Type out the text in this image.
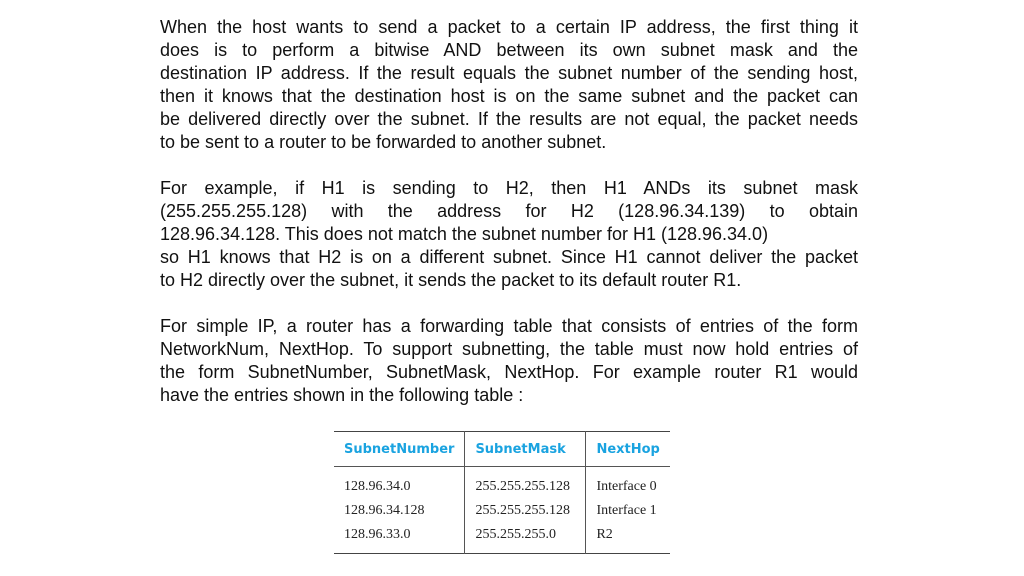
When the host wants to send a packet to a certain IP address, the first thing it
does is to perform a bitwise AND between its own subnet mask and the
destination IP address. If the result equals the subnet number of the sending host,
then it knows that the destination host is on the same subnet and the packet can
be delivered directly over the subnet. If the results are not equal, the packet needs
to be sent to a router to be forwarded to another subnet.
For example, if H1 is sending to H2, then H1 ANDs its subnet mask
(255.255.255.128) with the address for H2 (128.96.34.139) to obtain
128.96.34.128. This does not match the subnet number for H1 (128.96.34.0)
so H1 knows that H2 is on a different subnet. Since H1 cannot deliver the packet
to H2 directly over the subnet, it sends the packet to its default router R1.
For simple IP, a router has a forwarding table that consists of entries of the form
NetworkNum, NextHop. To support subnetting, the table must now hold entries of
the form SubnetNumber, SubnetMask, NextHop. For example router R1 would
have the entries shown in the following table :
SubnetNumber	SubnetMask	NextHop
128.96.34.0	255.255.255.128	Interface 0
128.96.34.128	255.255.255.128	Interface 1
128.96.33.0	255.255.255.0	R2
